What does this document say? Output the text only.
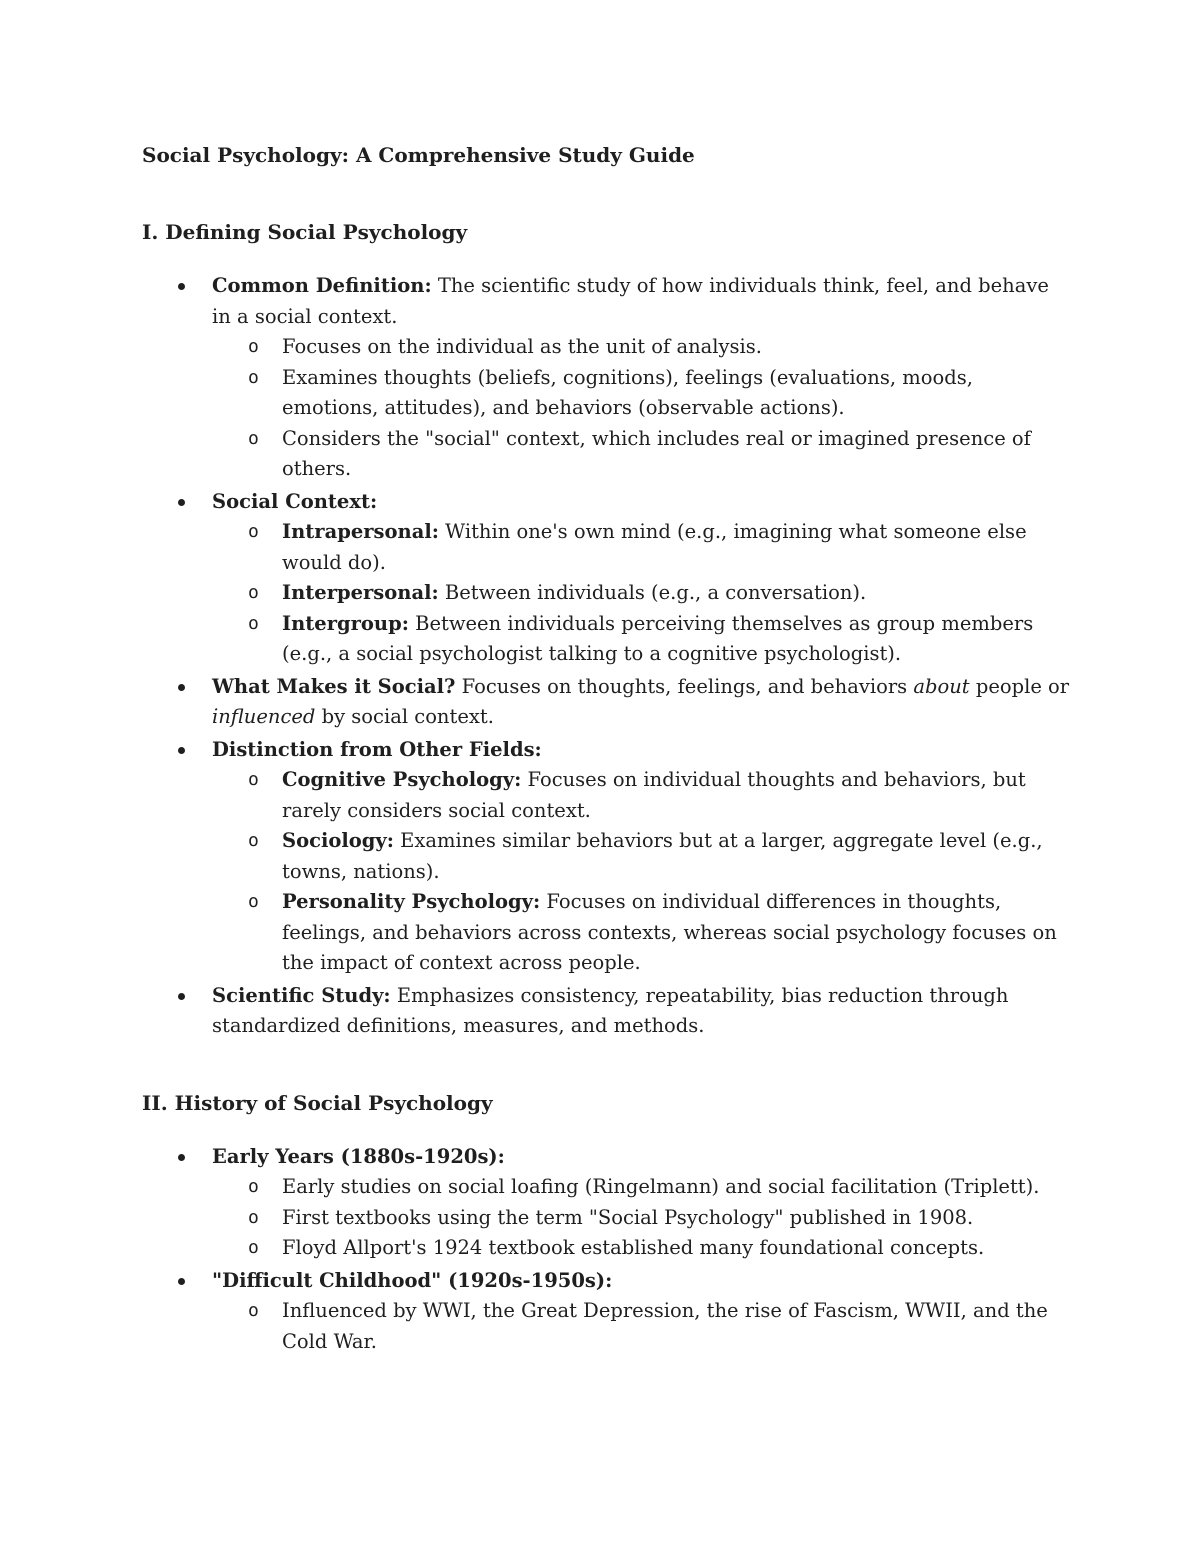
Social Psychology: A Comprehensive Study Guide
I. Defining Social Psychology
Common Definition: The scientific study of how individuals think, feel, and behave in a social context.
o Focuses on the individual as the unit of analysis.
o Examines thoughts (beliefs, cognitions), feelings (evaluations, moods, emotions, attitudes), and behaviors (observable actions).
o Considers the "social" context, which includes real or imagined presence of others.
Social Context:
o Intrapersonal: Within one's own mind (e.g., imagining what someone else would do).
o Interpersonal: Between individuals (e.g., a conversation).
o Intergroup: Between individuals perceiving themselves as group members (e.g., a social psychologist talking to a cognitive psychologist).
What Makes it Social? Focuses on thoughts, feelings, and behaviors about people or influenced by social context.
Distinction from Other Fields:
o Cognitive Psychology: Focuses on individual thoughts and behaviors, but rarely considers social context.
o Sociology: Examines similar behaviors but at a larger, aggregate level (e.g., towns, nations).
o Personality Psychology: Focuses on individual differences in thoughts, feelings, and behaviors across contexts, whereas social psychology focuses on the impact of context across people.
Scientific Study: Emphasizes consistency, repeatability, bias reduction through standardized definitions, measures, and methods.
II. History of Social Psychology
Early Years (1880s-1920s):
o Early studies on social loafing (Ringelmann) and social facilitation (Triplett).
o First textbooks using the term "Social Psychology" published in 1908.
o Floyd Allport's 1924 textbook established many foundational concepts.
"Difficult Childhood" (1920s-1950s):
o Influenced by WWI, the Great Depression, the rise of Fascism, WWII, and the Cold War.
